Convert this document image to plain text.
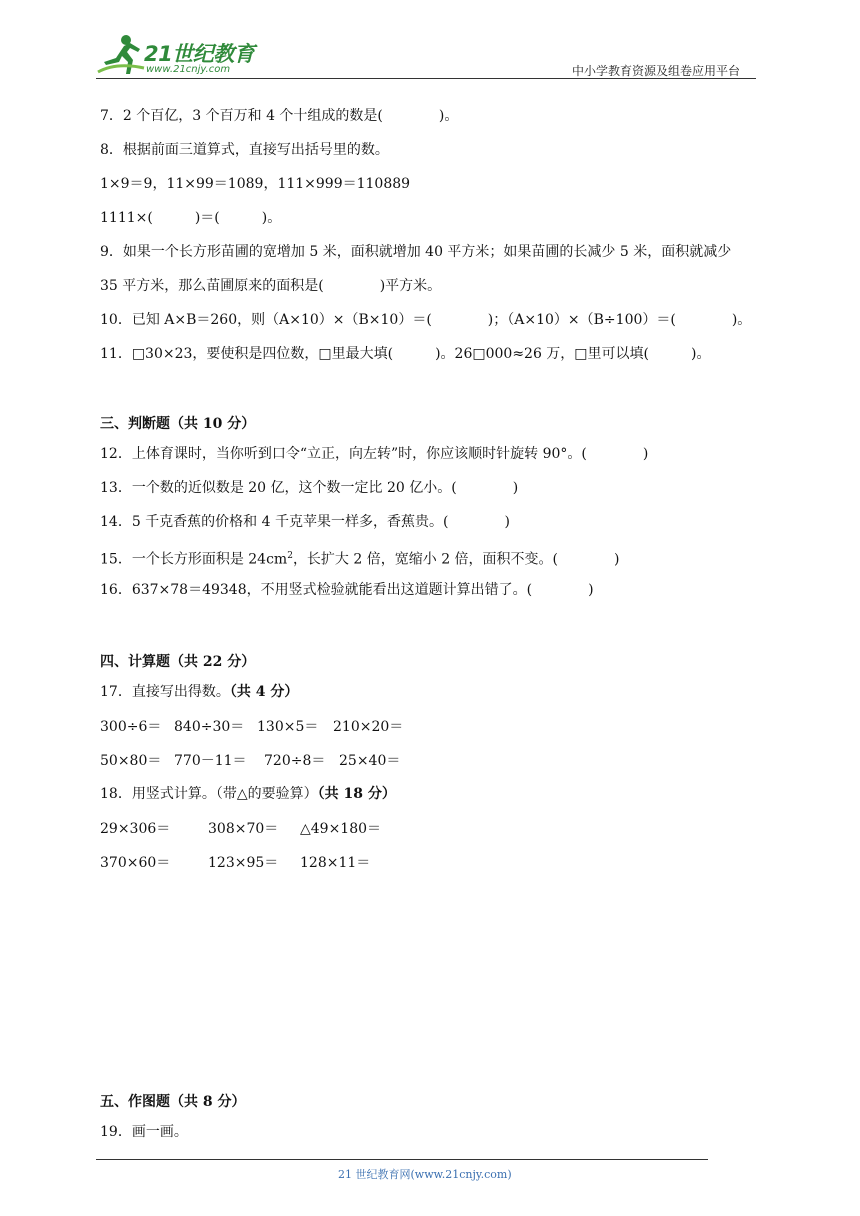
21世纪教育
www.21cnjy.com	中小学教育资源及组卷应用平台
7．2 个百亿，3 个百万和 4 个十组成的数是(　　　　)。
8．根据前面三道算式，直接写出括号里的数。
1×9＝9，11×99＝1089，111×999＝110889
1111×(　　　)＝(　　　)。
9．如果一个长方形苗圃的宽增加 5 米，面积就增加 40 平方米；如果苗圃的长减少 5 米，面积就减少
35 平方米，那么苗圃原来的面积是(　　　　)平方米。
10．已知 A×B＝260，则（A×10）×（B×10）＝(　　　　)；（A×10）×（B÷100）＝(　　　　)。
11．□30×23，要使积是四位数，□里最大填(　　　)。26□000≈26 万，□里可以填(　　　)。
三、判断题（共 10 分）
12．上体育课时，当你听到口令“立正，向左转”时，你应该顺时针旋转 90°。(　　　　)
13．一个数的近似数是 20 亿，这个数一定比 20 亿小。(　　　　)
14．5 千克香蕉的价格和 4 千克苹果一样多，香蕉贵。(　　　　)
15．一个长方形面积是 $24cm^2$，长扩大 2 倍，宽缩小 2 倍，面积不变。(　　　　)
16．637×78＝49348，不用竖式检验就能看出这道题计算出错了。(　　　　)
四、计算题（共 22 分）
17．直接写出得数。（共 4 分）
300÷6＝ 840÷30＝ 130×5＝ 210×20＝
50×80＝ 770－11＝ 720÷8＝ 25×40＝
18．用竖式计算。（带△的要验算）（共 18 分）
29×306＝	308×70＝ △49×180＝
370×60＝	123×95＝ 128×11＝
五、作图题（共 8 分）
19．画一画。
21 世纪教育网(www.21cnjy.com)
